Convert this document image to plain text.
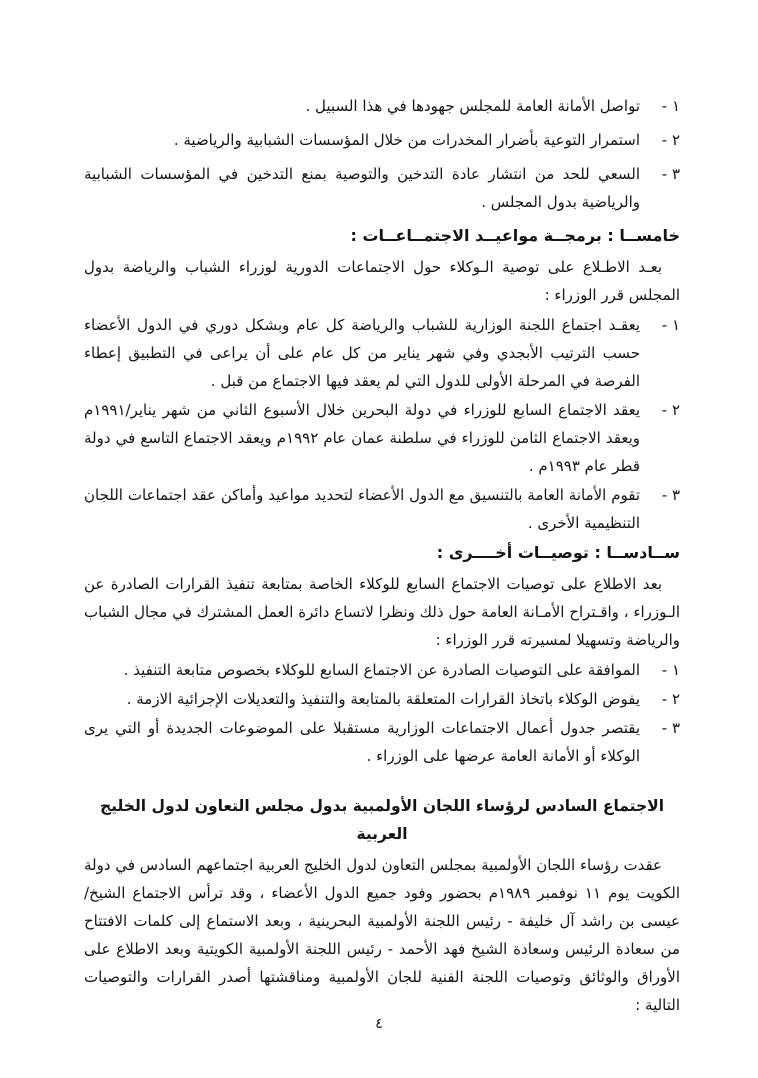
١ -
تواصل الأمانة العامة للمجلس جهودها في هذا السبيل .
٢ -
استمرار التوعية بأضرار المخدرات من خلال المؤسسات الشبابية والرياضية .
٣ -
السعي للحد من انتشار عادة التدخين والتوصية بمنع التدخين في المؤسسات الشبابية والرياضية بدول المجلس .
خامســا : برمجــة مواعيــد الاجتمــاعــات :

بعـد الاطـلاع على توصية الـوكلاء حول الاجتماعات الدورية لوزراء الشباب والرياضة بدول المجلس قرر الوزراء :

١ -
يعقـد اجتماع اللجنة الوزارية للشباب والرياضة كل عام وبشكل دوري في الدول الأعضاء حسب الترتيب الأبجدي وفي شهر يناير من كل عام على أن يراعى في التطبيق إعطاء الفرصة في المرحلة الأولى للدول التي لم يعقد فيها الاجتماع من قبل .
٢ -
يعقد الاجتماع السابع للوزراء في دولة البحرين خلال الأسبوع الثاني من شهر يناير/١٩٩١م ويعقد الاجتماع الثامن للوزراء في سلطنة عمان عام ١٩٩٢م ويعقد الاجتماع التاسع في دولة قطر عام ١٩٩٣م .
٣ -
تقوم الأمانة العامة بالتنسيق مع الدول الأعضاء لتحديد مواعيد وأماكن عقد اجتماعات اللجان التنظيمية الأخرى .
ســادســا : توصيــات أخــــرى :

بعد الاطلاع على توصيات الاجتماع السابع للوكلاء الخاصة بمتابعة تنفيذ القرارات الصادرة عن الـوزراء ، واقـتراح الأمـانة العامة حول ذلك ونظرا لاتساع دائرة العمل المشترك في مجال الشباب والرياضة وتسهيلا لمسيرته قرر الوزراء :

١ -
الموافقة على التوصيات الصادرة عن الاجتماع السابع للوكلاء بخصوص متابعة التنفيذ .
٢ -
يفوض الوكلاء باتخاذ القرارات المتعلقة بالمتابعة والتنفيذ والتعديلات الإجرائية الازمة .
٣ -
يقتصر جدول أعمال الاجتماعات الوزارية مستقبلا على الموضوعات الجديدة أو التي يرى الوكلاء أو الأمانة العامة عرضها على الوزراء .
الاجتماع السادس لرؤساء اللجان الأولمبية بدول مجلس التعاون لدول الخليج العربية

عقدت رؤساء اللجان الأولمبية بمجلس التعاون لدول الخليج العربية اجتماعهم السادس في دولة الكويت يوم ١١ نوفمبر ١٩٨٩م بحضور وفود جميع الدول الأعضاء ، وقد ترأس الاجتماع الشيخ/ عيسى بن راشد آل خليفة - رئيس اللجنة الأولمبية البحرينية ، وبعد الاستماع إلى كلمات الافتتاح من سعادة الرئيس وسعادة الشيخ فهد الأحمد - رئيس اللجنة الأولمبية الكويتية وبعد الاطلاع على الأوراق والوثائق وتوصيات اللجنة الفنية للجان الأولمبية ومناقشتها أصدر القرارات والتوصيات التالية :

٤
